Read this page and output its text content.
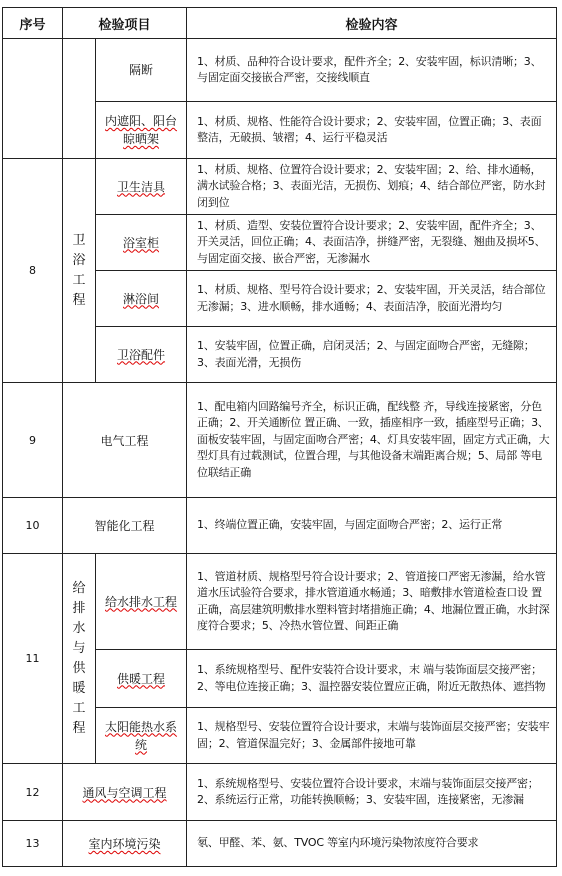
序号	检验项目		检验内容
		隔断	1、材质、品种符合设计要求，配件齐全；2、安装牢固，标识清晰；3、与固定面交接嵌合严密，交接线顺直
		内遮阳、阳台晾晒架	1、材质、规格、性能符合设计要求；2、安装牢固，位置正确；3、表面整洁，无破损、皱褶；4、运行平稳灵活
8	卫浴工程	卫生洁具	1、材质、规格、位置符合设计要求；2、安装牢固；2、给、排水通畅，满水试验合格；3、表面光洁，无损伤、划痕；4、结合部位严密，防水封闭到位
		浴室柜	1、材质、造型、安装位置符合设计要求；2、安装牢固，配件齐全；3、开关灵活，回位正确；4、表面洁净，拼缝严密，无裂缝、翘曲及损坏5、与固定面交接、嵌合严密，无渗漏水
		淋浴间	1、材质、规格、型号符合设计要求；2、安装牢固，开关灵活，结合部位无渗漏；3、进水顺畅，排水通畅；4、表面洁净，胶面光滑均匀
		卫浴配件	1、安装牢固，位置正确，启闭灵活；2、与固定面吻合严密，无缝隙；3、表面光滑，无损伤
9	电气工程		1、配电箱内回路编号齐全，标识正确，配线整 齐，导线连接紧密，分色正确；2、开关通断位 置正确、一致，插座相序一致，插座型号正确；3、面板安装牢固，与固定面吻合严密；4、灯具安装牢固，固定方式正确，大型灯具有过载测试，位置合理，与其他设备末端距离合规；5、局部 等电位联结正确
10	智能化工程		1、终端位置正确，安装牢固，与固定面吻合严密；2、运行正常
11	给排水与供暖工程	给水排水工程	1、管道材质、规格型号符合设计要求；2、管道接口严密无渗漏，给水管道水压试验符合要求，排水管道通水畅通；3、暗敷排水管道检查口设 置正确，高层建筑明敷排水塑料管封堵措施正确；4、地漏位置正确，水封深度符合要求；5、冷热水管位置、间距正确
		供暖工程	1、系统规格型号、配件安装符合设计要求，末 端与装饰面层交接严密；2、等电位连接正确；3、温控器安装位置应正确，附近无散热体、遮挡物
		太阳能热水系统	1、规格型号、安装位置符合设计要求，末端与装饰面层交接严密；安装牢固；2、管道保温完好；3、金属部件接地可靠
12	通风与空调工程		1、系统规格型号、安装位置符合设计要求，末端与装饰面层交接严密；2、系统运行正常，功能转换顺畅；3、安装牢固，连接紧密，无渗漏
13	室内环境污染		氡、甲醛、苯、氨、TVOC 等室内环境污染物浓度符合要求
